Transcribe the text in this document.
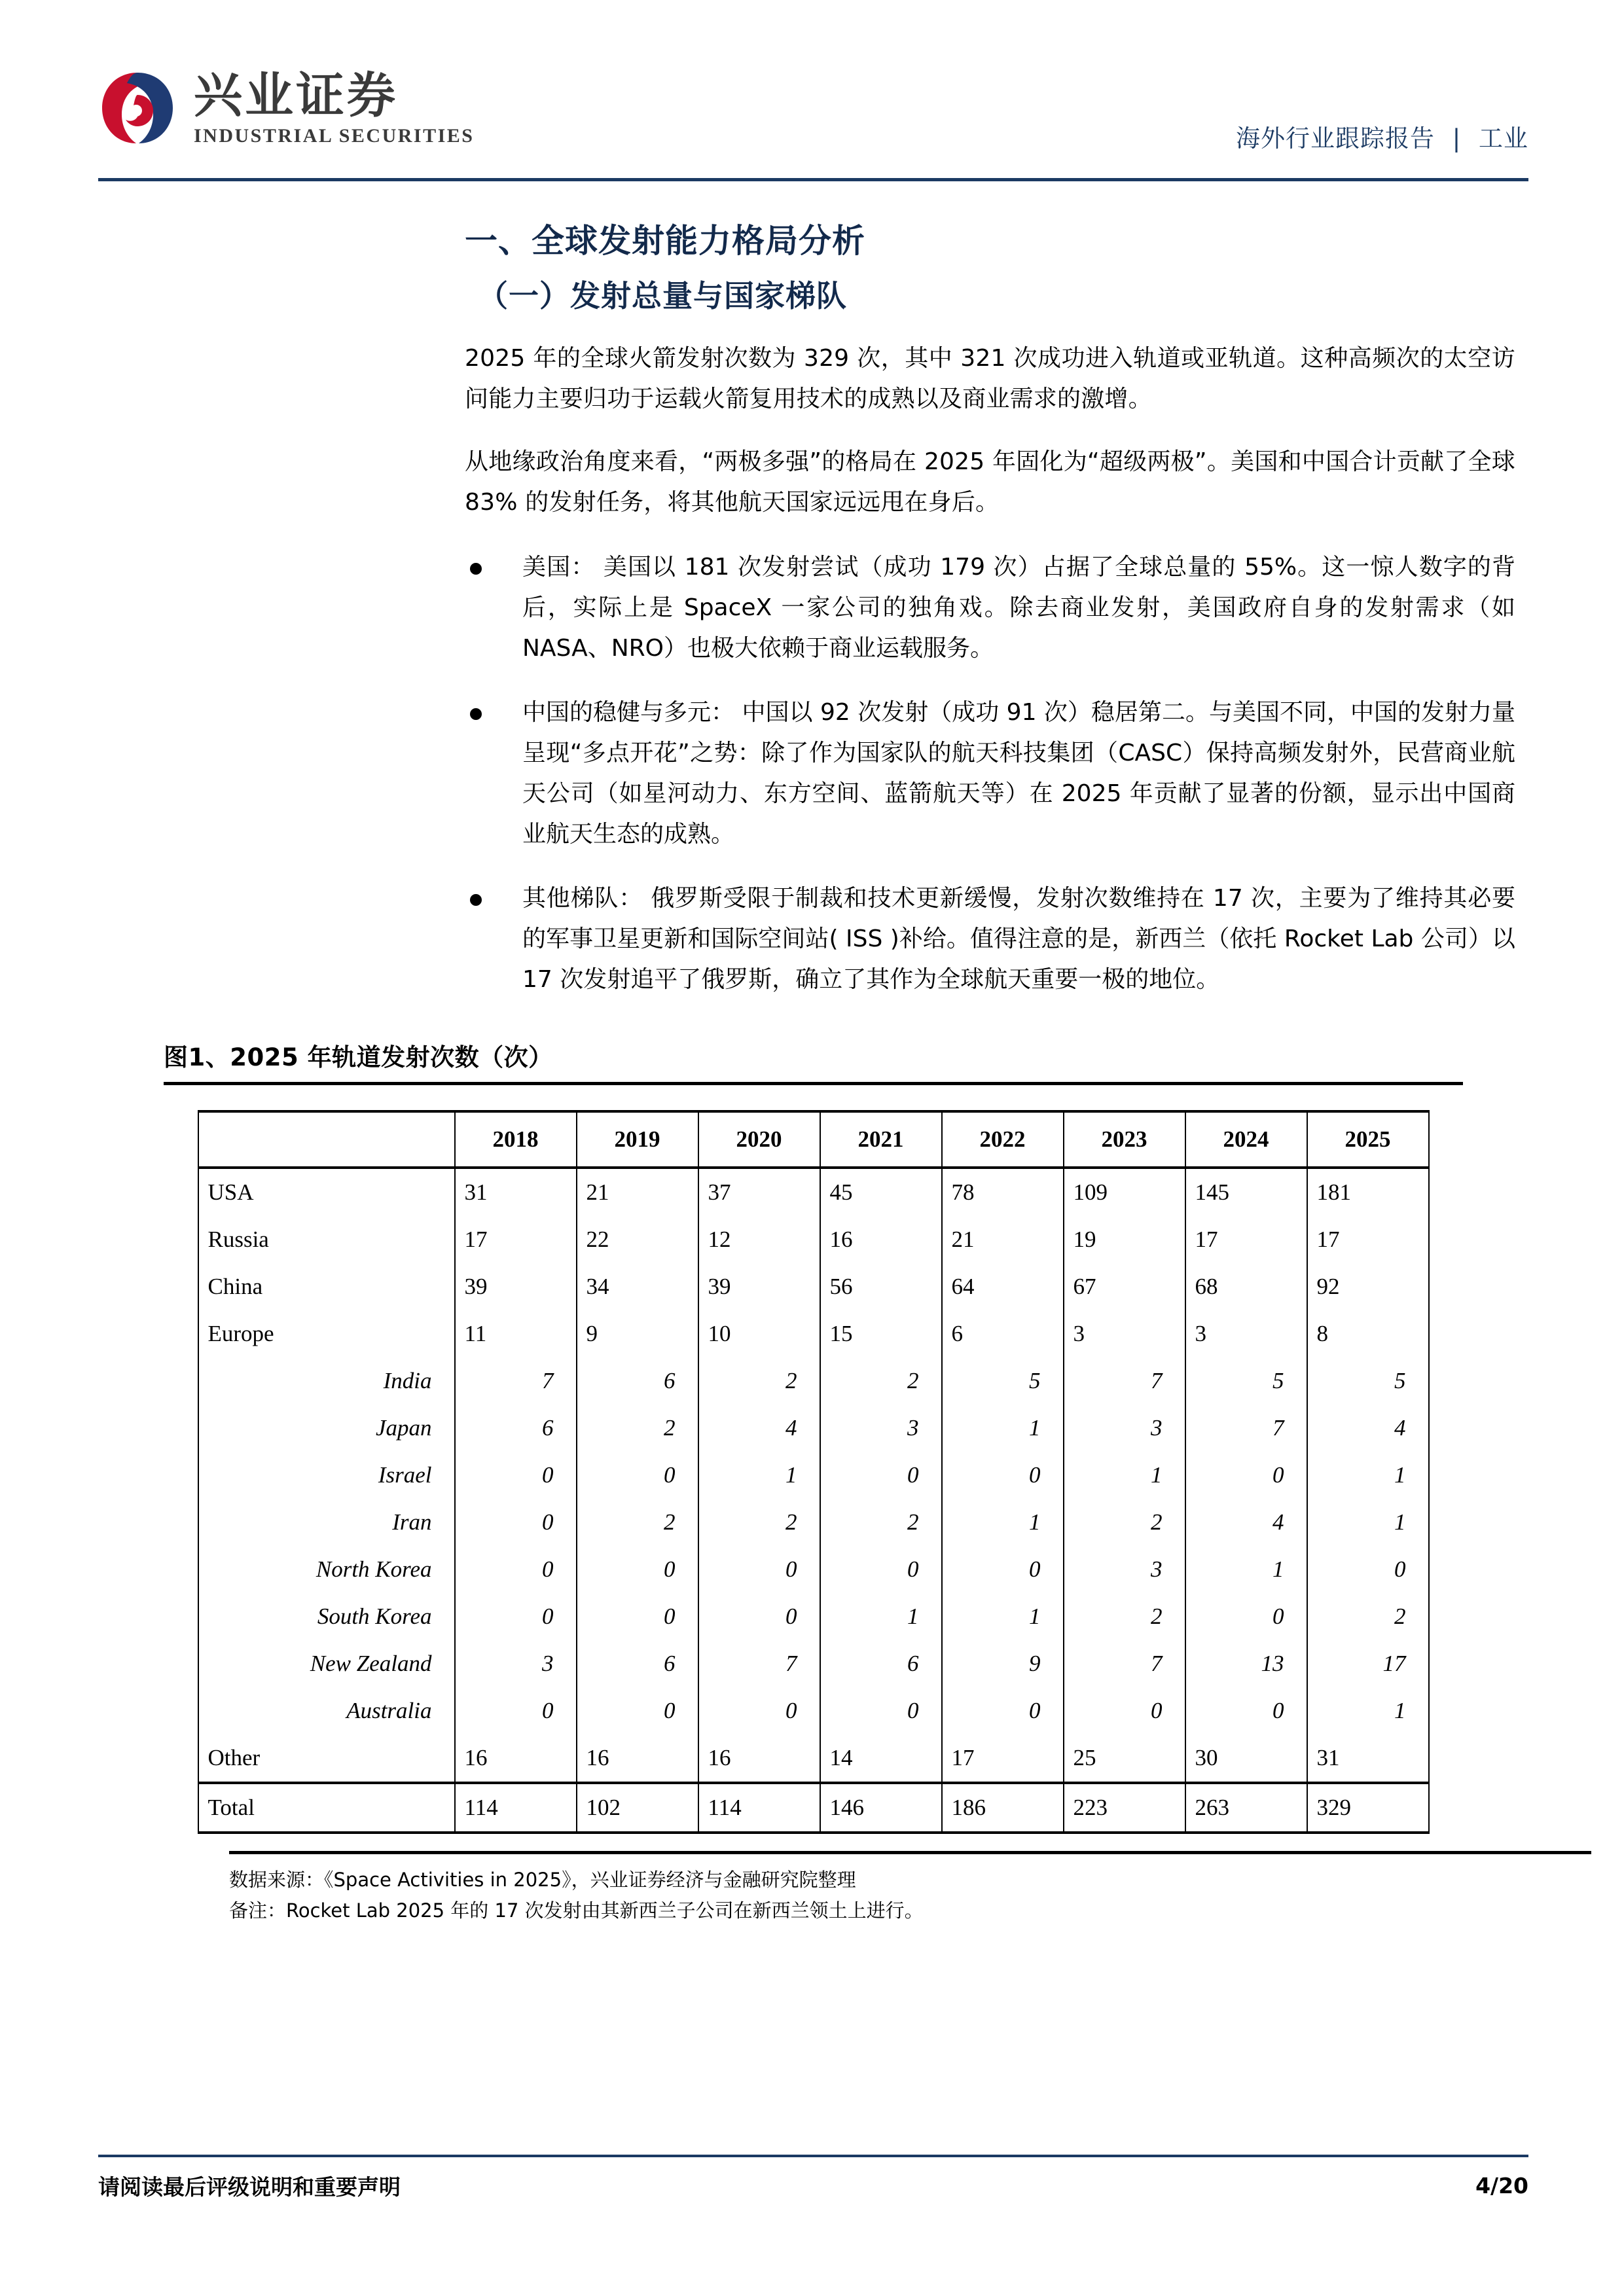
兴业证券
INDUSTRIAL SECURITIES	海外行业跟踪报告 | 工业
一、全球发射能力格局分析
（一）发射总量与国家梯队

2025 年的全球火箭发射次数为 329 次，其中 321 次成功进入轨道或亚轨道。这种高频次的太空访问能力主要归功于运载火箭复用技术的成熟以及商业需求的激增。

从地缘政治角度来看，“两极多强”的格局在 2025 年固化为“超级两极”。美国和中国合计贡献了全球 83% 的发射任务，将其他航天国家远远甩在身后。

美国： 美国以 181 次发射尝试（成功 179 次）占据了全球总量的 55%。这一惊人数字的背后，实际上是 SpaceX 一家公司的独角戏。除去商业发射，美国政府自身的发射需求（如 NASA、NRO）也极大依赖于商业运载服务。
中国的稳健与多元： 中国以 92 次发射（成功 91 次）稳居第二。与美国不同，中国的发射力量呈现“多点开花”之势：除了作为国家队的航天科技集团（CASC）保持高频发射外，民营商业航天公司（如星河动力、东方空间、蓝箭航天等）在 2025 年贡献了显著的份额，显示出中国商业航天生态的成熟。
其他梯队： 俄罗斯受限于制裁和技术更新缓慢，发射次数维持在 17 次，主要为了维持其必要的军事卫星更新和国际空间站( ISS )补给。值得注意的是，新西兰（依托 Rocket Lab 公司）以 17 次发射追平了俄罗斯，确立了其作为全球航天重要一极的地位。
图1、2025 年轨道发射次数（次）
	2018	2019	2020	2021	2022	2023	2024	2025
USA	31	21	37	45	78	109	145	181
Russia	17	22	12	16	21	19	17	17
China	39	34	39	56	64	67	68	92
Europe	11	9	10	15	6	3	3	8
India	7	6	2	2	5	7	5	5
Japan	6	2	4	3	1	3	7	4
Israel	0	0	1	0	0	1	0	1
Iran	0	2	2	2	1	2	4	1
North Korea	0	0	0	0	0	3	1	0
South Korea	0	0	0	1	1	2	0	2
New Zealand	3	6	7	6	9	7	13	17
Australia	0	0	0	0	0	0	0	1
Other	16	16	16	14	17	25	30	31
Total	114	102	114	146	186	223	263	329
数据来源：《Space Activities in 2025》，兴业证券经济与金融研究院整理
备注：Rocket Lab 2025 年的 17 次发射由其新西兰子公司在新西兰领土上进行。
请阅读最后评级说明和重要声明	4/20
